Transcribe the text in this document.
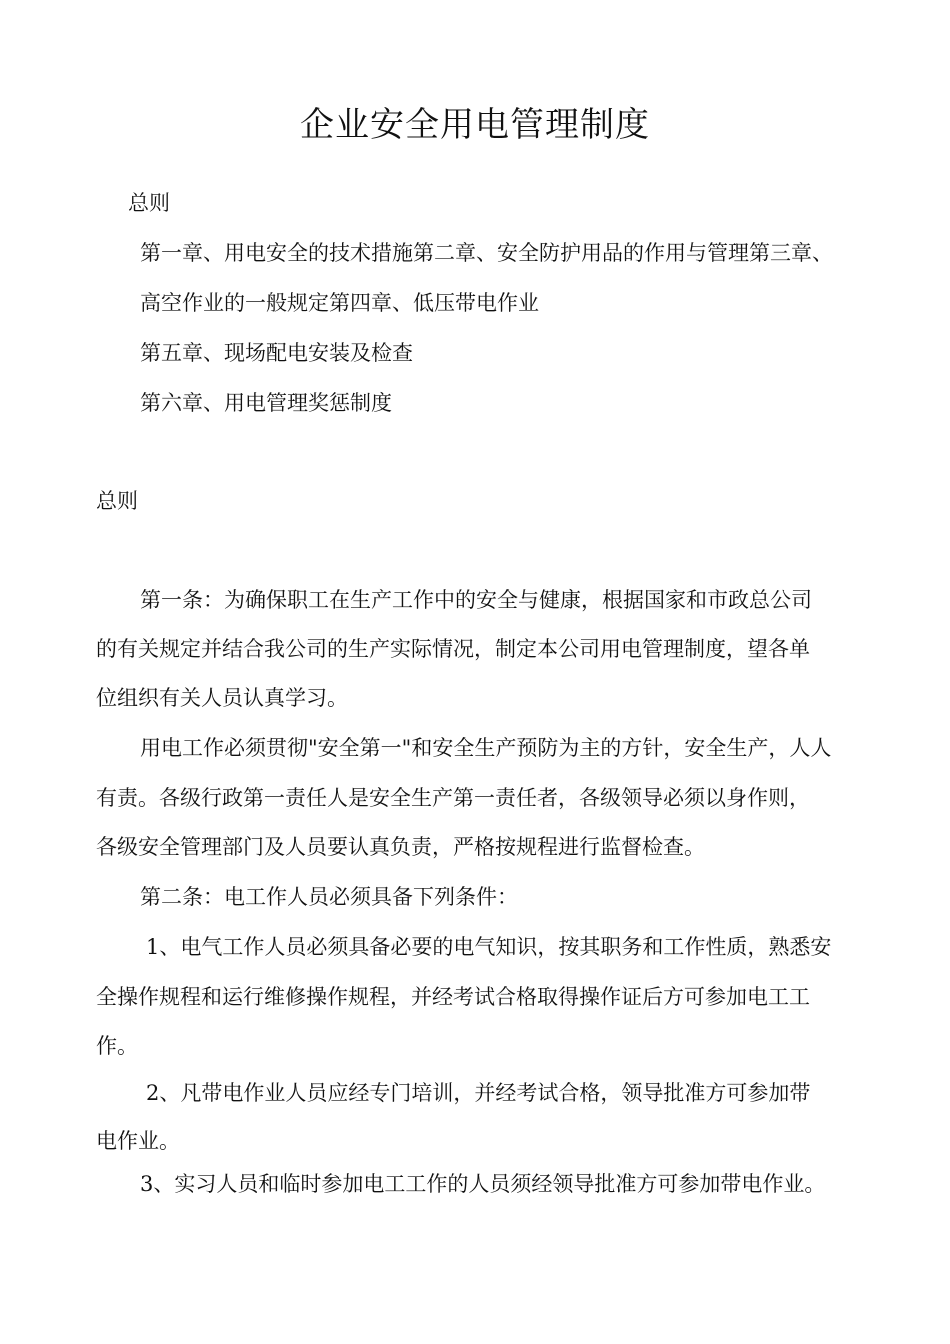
企业安全用电管理制度
总则
第一章、用电安全的技术措施第二章、安全防护用品的作用与管理第三章、
高空作业的一般规定第四章、低压带电作业
第五章、现场配电安装及检查
第六章、用电管理奖惩制度
总则
第一条：为确保职工在生产工作中的安全与健康，根据国家和市政总公司
的有关规定并结合我公司的生产实际情况，制定本公司用电管理制度，望各单
位组织有关人员认真学习。
用电工作必须贯彻"安全第一"和安全生产预防为主的方针，安全生产，人人
有责。各级行政第一责任人是安全生产第一责任者，各级领导必须以身作则，
各级安全管理部门及人员要认真负责，严格按规程进行监督检查。
第二条：电工作人员必须具备下列条件：
1、电气工作人员必须具备必要的电气知识，按其职务和工作性质，熟悉安
全操作规程和运行维修操作规程，并经考试合格取得操作证后方可参加电工工
作。
2、凡带电作业人员应经专门培训，并经考试合格，领导批准方可参加带
电作业。
3、实习人员和临时参加电工工作的人员须经领导批准方可参加带电作业。
